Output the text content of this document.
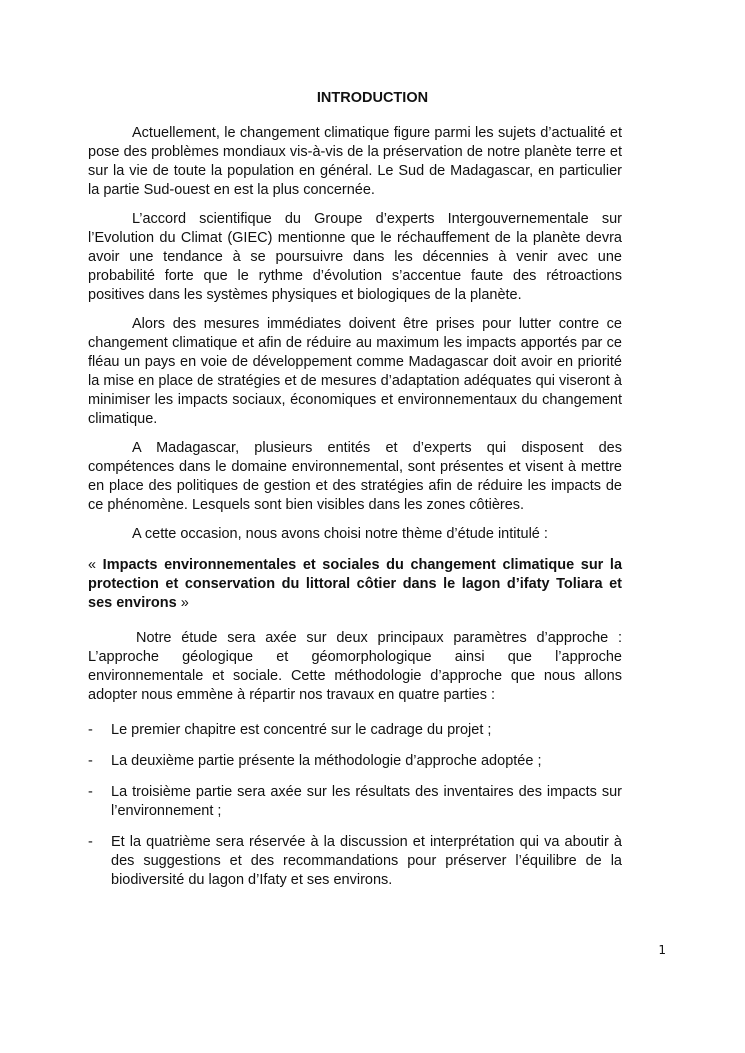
INTRODUCTION

Actuellement, le changement climatique figure parmi les sujets d’actualité et pose des problèmes mondiaux vis-à-vis de la préservation de notre planète terre et sur la vie de toute la population en général. Le Sud de Madagascar, en particulier la partie Sud-ouest en est la plus concernée.

L’accord scientifique du Groupe d’experts Intergouvernementale sur l’Evolution du Climat (GIEC) mentionne que le réchauffement de la planète devra avoir une tendance à se poursuivre dans les décennies à venir avec une probabilité forte que le rythme d’évolution s’accentue faute des rétroactions positives dans les systèmes physiques et biologiques de la planète.

Alors des mesures immédiates doivent être prises pour lutter contre ce changement climatique et afin de réduire au maximum les impacts apportés par ce fléau un pays en voie de développement comme Madagascar doit avoir en priorité la mise en place de stratégies et de mesures d’adaptation adéquates qui viseront à minimiser les impacts sociaux, économiques et environnementaux du changement climatique.

A Madagascar, plusieurs entités et d’experts qui disposent des compétences dans le domaine environnemental, sont présentes et visent à mettre en place des politiques de gestion et des stratégies afin de réduire les impacts de ce phénomène. Lesquels sont bien visibles dans les zones côtières.

A cette occasion, nous avons choisi notre thème d’étude intitulé :

« Impacts environnementales et sociales du changement climatique sur la protection et conservation du littoral côtier dans le lagon d’ifaty Toliara et ses environs »

Notre étude sera axée sur deux principaux paramètres d’approche : L’approche géologique et géomorphologique ainsi que l’approche environnementale et sociale. Cette méthodologie d’approche que nous allons adopter nous emmène à répartir nos travaux en quatre parties :

- Le premier chapitre est concentré sur le cadrage du projet ;
- La deuxième partie présente la méthodologie d’approche adoptée ;
- La troisième partie sera axée sur les résultats des inventaires des impacts sur l’environnement ;
- Et la quatrième sera réservée à la discussion et interprétation qui va aboutir à des suggestions et des recommandations pour préserver l’équilibre de la biodiversité du lagon d’Ifaty et ses environs.
1
